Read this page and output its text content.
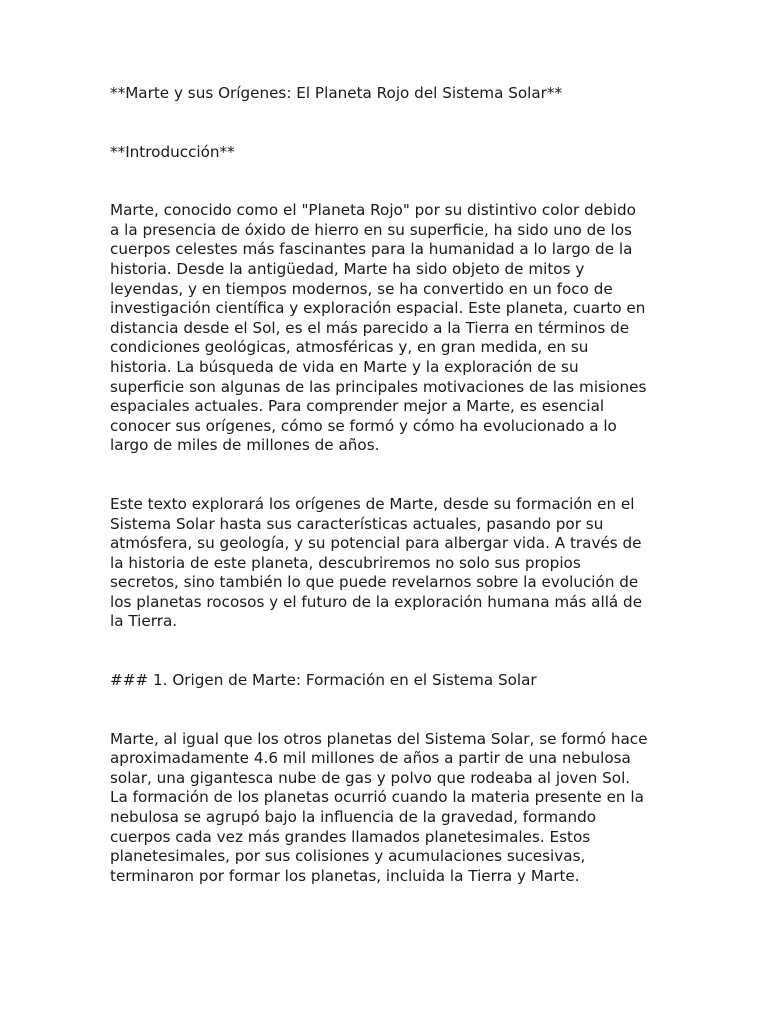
**Marte y sus Orígenes: El Planeta Rojo del Sistema Solar**

**Introducción**

Marte, conocido como el "Planeta Rojo" por su distintivo color debido
a la presencia de óxido de hierro en su superficie, ha sido uno de los
cuerpos celestes más fascinantes para la humanidad a lo largo de la
historia. Desde la antigüedad, Marte ha sido objeto de mitos y
leyendas, y en tiempos modernos, se ha convertido en un foco de
investigación científica y exploración espacial. Este planeta, cuarto en
distancia desde el Sol, es el más parecido a la Tierra en términos de
condiciones geológicas, atmosféricas y, en gran medida, en su
historia. La búsqueda de vida en Marte y la exploración de su
superficie son algunas de las principales motivaciones de las misiones
espaciales actuales. Para comprender mejor a Marte, es esencial
conocer sus orígenes, cómo se formó y cómo ha evolucionado a lo
largo de miles de millones de años.

Este texto explorará los orígenes de Marte, desde su formación en el
Sistema Solar hasta sus características actuales, pasando por su
atmósfera, su geología, y su potencial para albergar vida. A través de
la historia de este planeta, descubriremos no solo sus propios
secretos, sino también lo que puede revelarnos sobre la evolución de
los planetas rocosos y el futuro de la exploración humana más allá de
la Tierra.

### 1. Origen de Marte: Formación en el Sistema Solar

Marte, al igual que los otros planetas del Sistema Solar, se formó hace
aproximadamente 4.6 mil millones de años a partir de una nebulosa
solar, una gigantesca nube de gas y polvo que rodeaba al joven Sol.
La formación de los planetas ocurrió cuando la materia presente en la
nebulosa se agrupó bajo la influencia de la gravedad, formando
cuerpos cada vez más grandes llamados planetesimales. Estos
planetesimales, por sus colisiones y acumulaciones sucesivas,
terminaron por formar los planetas, incluida la Tierra y Marte.
